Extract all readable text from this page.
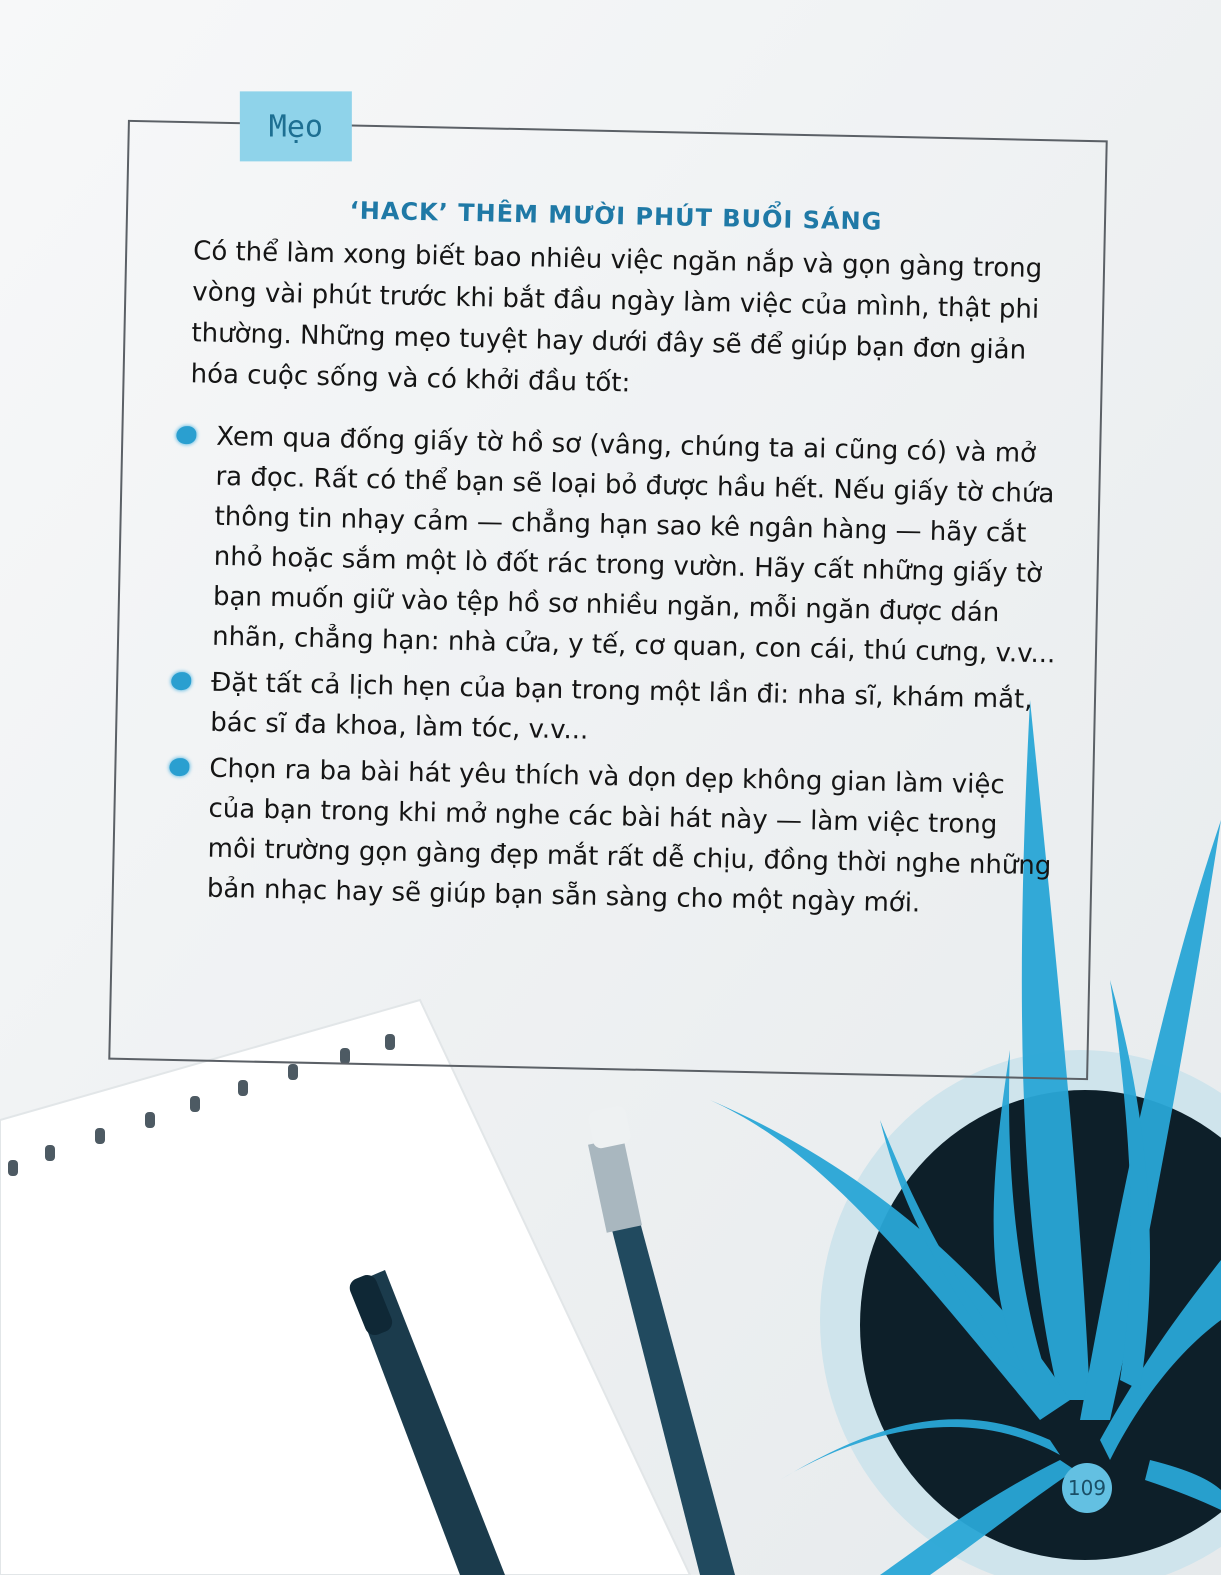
Mẹo
‘HACK’ THÊM MƯỜI PHÚT BUỔI SÁNG
Có thể làm xong biết bao nhiêu việc ngăn nắp và gọn gàng trong vòng vài phút trước khi bắt đầu ngày làm việc của mình, thật phi thường. Những mẹo tuyệt hay dưới đây sẽ để giúp bạn đơn giản hóa cuộc sống và có khởi đầu tốt:
Xem qua đống giấy tờ hồ sơ (vâng, chúng ta ai cũng có) và mở ra đọc. Rất có thể bạn sẽ loại bỏ được hầu hết. Nếu giấy tờ chứa thông tin nhạy cảm — chẳng hạn sao kê ngân hàng — hãy cắt nhỏ hoặc sắm một lò đốt rác trong vườn. Hãy cất những giấy tờ bạn muốn giữ vào tệp hồ sơ nhiều ngăn, mỗi ngăn được dán nhãn, chẳng hạn: nhà cửa, y tế, cơ quan, con cái, thú cưng, v.v...
Đặt tất cả lịch hẹn của bạn trong một lần đi: nha sĩ, khám mắt, bác sĩ đa khoa, làm tóc, v.v...
Chọn ra ba bài hát yêu thích và dọn dẹp không gian làm việc của bạn trong khi mở nghe các bài hát này — làm việc trong môi trường gọn gàng đẹp mắt rất dễ chịu, đồng thời nghe những bản nhạc hay sẽ giúp bạn sẵn sàng cho một ngày mới.
109
